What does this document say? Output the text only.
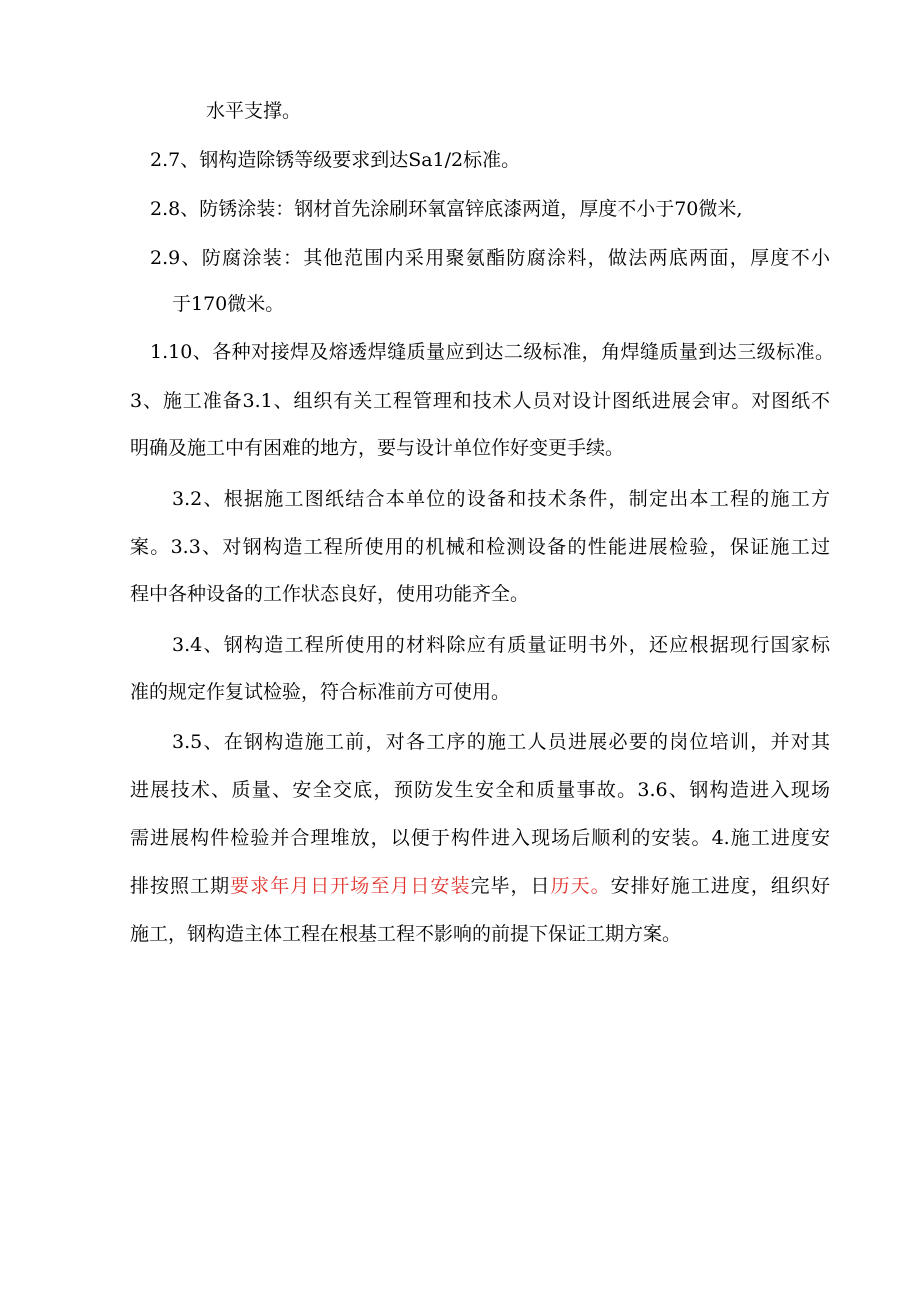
水平支撑。

2.7、钢构造除锈等级要求到达Sa1/2标准。

2.8、防锈涂装：钢材首先涂刷环氧富锌底漆两道，厚度不小于70微米,

2.9、防腐涂装：其他范围内采用聚氨酯防腐涂料，做法两底两面，厚度不小

于170微米。

1.10、各种对接焊及熔透焊缝质量应到达二级标准，角焊缝质量到达三级标准。

3、施工准备3.1、组织有关工程管理和技术人员对设计图纸进展会审。对图纸不

明确及施工中有困难的地方，要与设计单位作好变更手续。

3.2、根据施工图纸结合本单位的设备和技术条件，制定出本工程的施工方

案。3.3、对钢构造工程所使用的机械和检测设备的性能进展检验，保证施工过

程中各种设备的工作状态良好，使用功能齐全。

3.4、钢构造工程所使用的材料除应有质量证明书外，还应根据现行国家标

准的规定作复试检验，符合标准前方可使用。

3.5、在钢构造施工前，对各工序的施工人员进展必要的岗位培训，并对其

进展技术、质量、安全交底，预防发生安全和质量事故。3.6、钢构造进入现场

需进展构件检验并合理堆放，以便于构件进入现场后顺利的安装。4.施工进度安

排按照工期要求年月日开场至月日安装完毕，日历天。安排好施工进度，组织好

施工，钢构造主体工程在根基工程不影响的前提下保证工期方案。
